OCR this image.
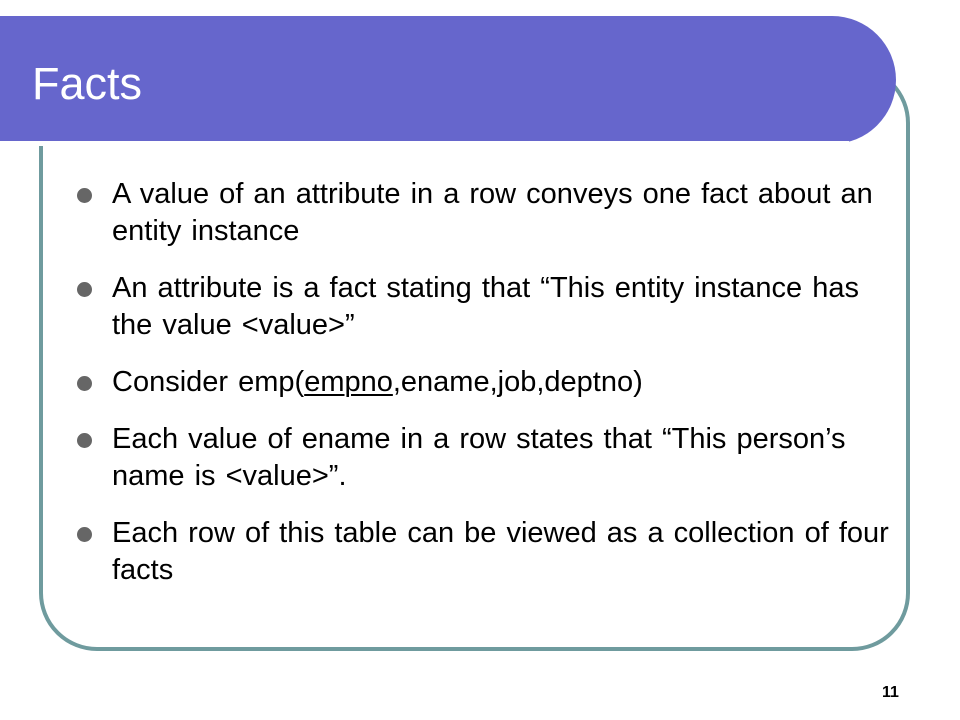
Facts
A value of an attribute in a row conveys one fact about an entity instance
An attribute is a fact stating that “This entity instance has the value <value>”
Consider emp(empno,ename,job,deptno)
Each value of ename in a row states that “This person’s name is <value>”.
Each row of this table can be viewed as a collection of four facts

11
